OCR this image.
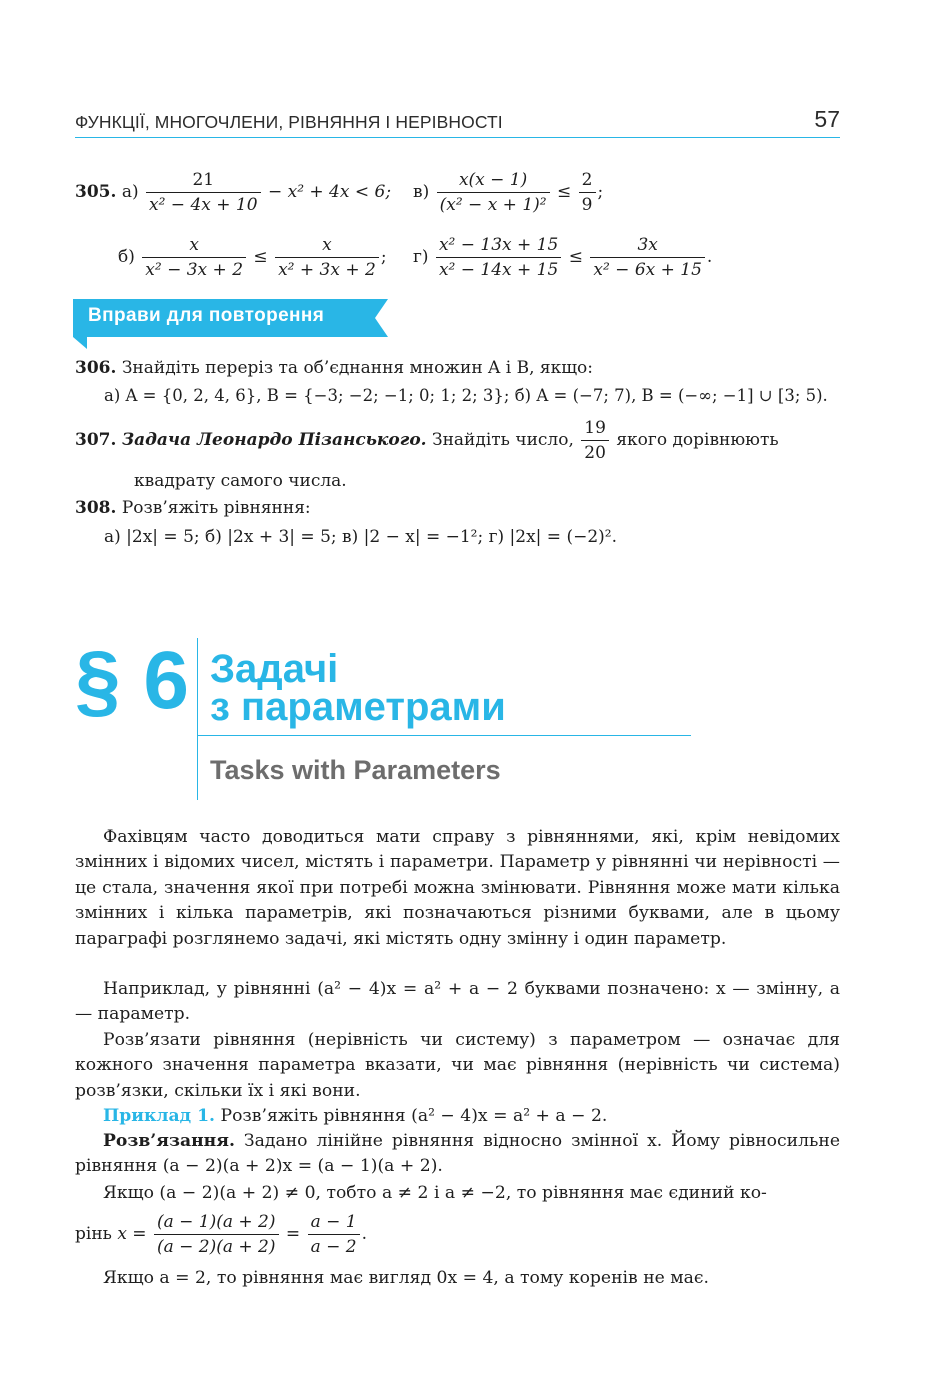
ФУНКЦІЇ, МНОГОЧЛЕНИ, РІВНЯННЯ І НЕРІВНОСТІ	57
305. $а) \frac{21}{\text{x² − 4x + 10}} - x^2 + 4x < 6$; $в) \frac{x(x - 1)}{\text{(x² − x + 1)²}} \le \frac{2}{9}$ ;
$б) \frac{x}{\text{x² − 3x + 2}} \le \frac{x}{\text{x² + 3x + 2}}$ ; $г) \frac{\text{x² − 13x + 15}}{\text{x² − 14x + 15}} \le \frac{3x}{\text{x² − 6x + 15}}$ .
Вправи для повторення
306. Знайдіть переріз та об’єднання множин A і B, якщо:
а) A = {0, 2, 4, 6}, B = {−3; −2; −1; 0; 1; 2; 3}; б) A = (−7; 7), B = (−∞; −1] ∪ [3; 5).
307. Задача Леонардо Пізанського. Знайдіть число, $\frac{19}{20}$ якого дорівнюють
квадрату самого числа.
308. Розв’яжіть рівняння:
а) |2x| = 5; б) |2x + 3| = 5; в) |2 − x| = −1²; г) |2x| = (−2)².
§ 6 Задачі
з параметрами
Tasks with Parameters
Фахівцям часто доводиться мати справу з рівняннями, які, крім невідомих змінних і відомих чисел, містять і параметри. Параметр у рівнянні чи нерівності — це стала, значення якої при потребі можна змінювати. Рівняння може мати кілька змінних і кілька параметрів, які позначаються різними буквами, але в цьому параграфі розглянемо задачі, які містять одну змінну і один параметр.
Наприклад, у рівнянні (a² − 4)x = a² + a − 2 буквами позначено: x — змінну, a — параметр.
Розв’язати рівняння (нерівність чи систему) з параметром — означає для кожного значення параметра вказати, чи має рівняння (нерівність чи система) розв’язки, скільки їх і які вони.
Приклад 1. Розв’яжіть рівняння (a² − 4)x = a² + a − 2.
Розв’язання. Задано лінійне рівняння відносно змінної x. Йому рівносильне рівняння (a − 2)(a + 2)x = (a − 1)(a + 2).
Якщо (a − 2)(a + 2) ≠ 0, тобто a ≠ 2 і a ≠ −2, то рівняння має єдиний ко-
рінь $x = \frac{(a - 1)(a + 2)}{(a - 2)(a + 2)} = \frac{a - 1}{a - 2}$ .
Якщо a = 2, то рівняння має вигляд 0x = 4, а тому коренів не має.
